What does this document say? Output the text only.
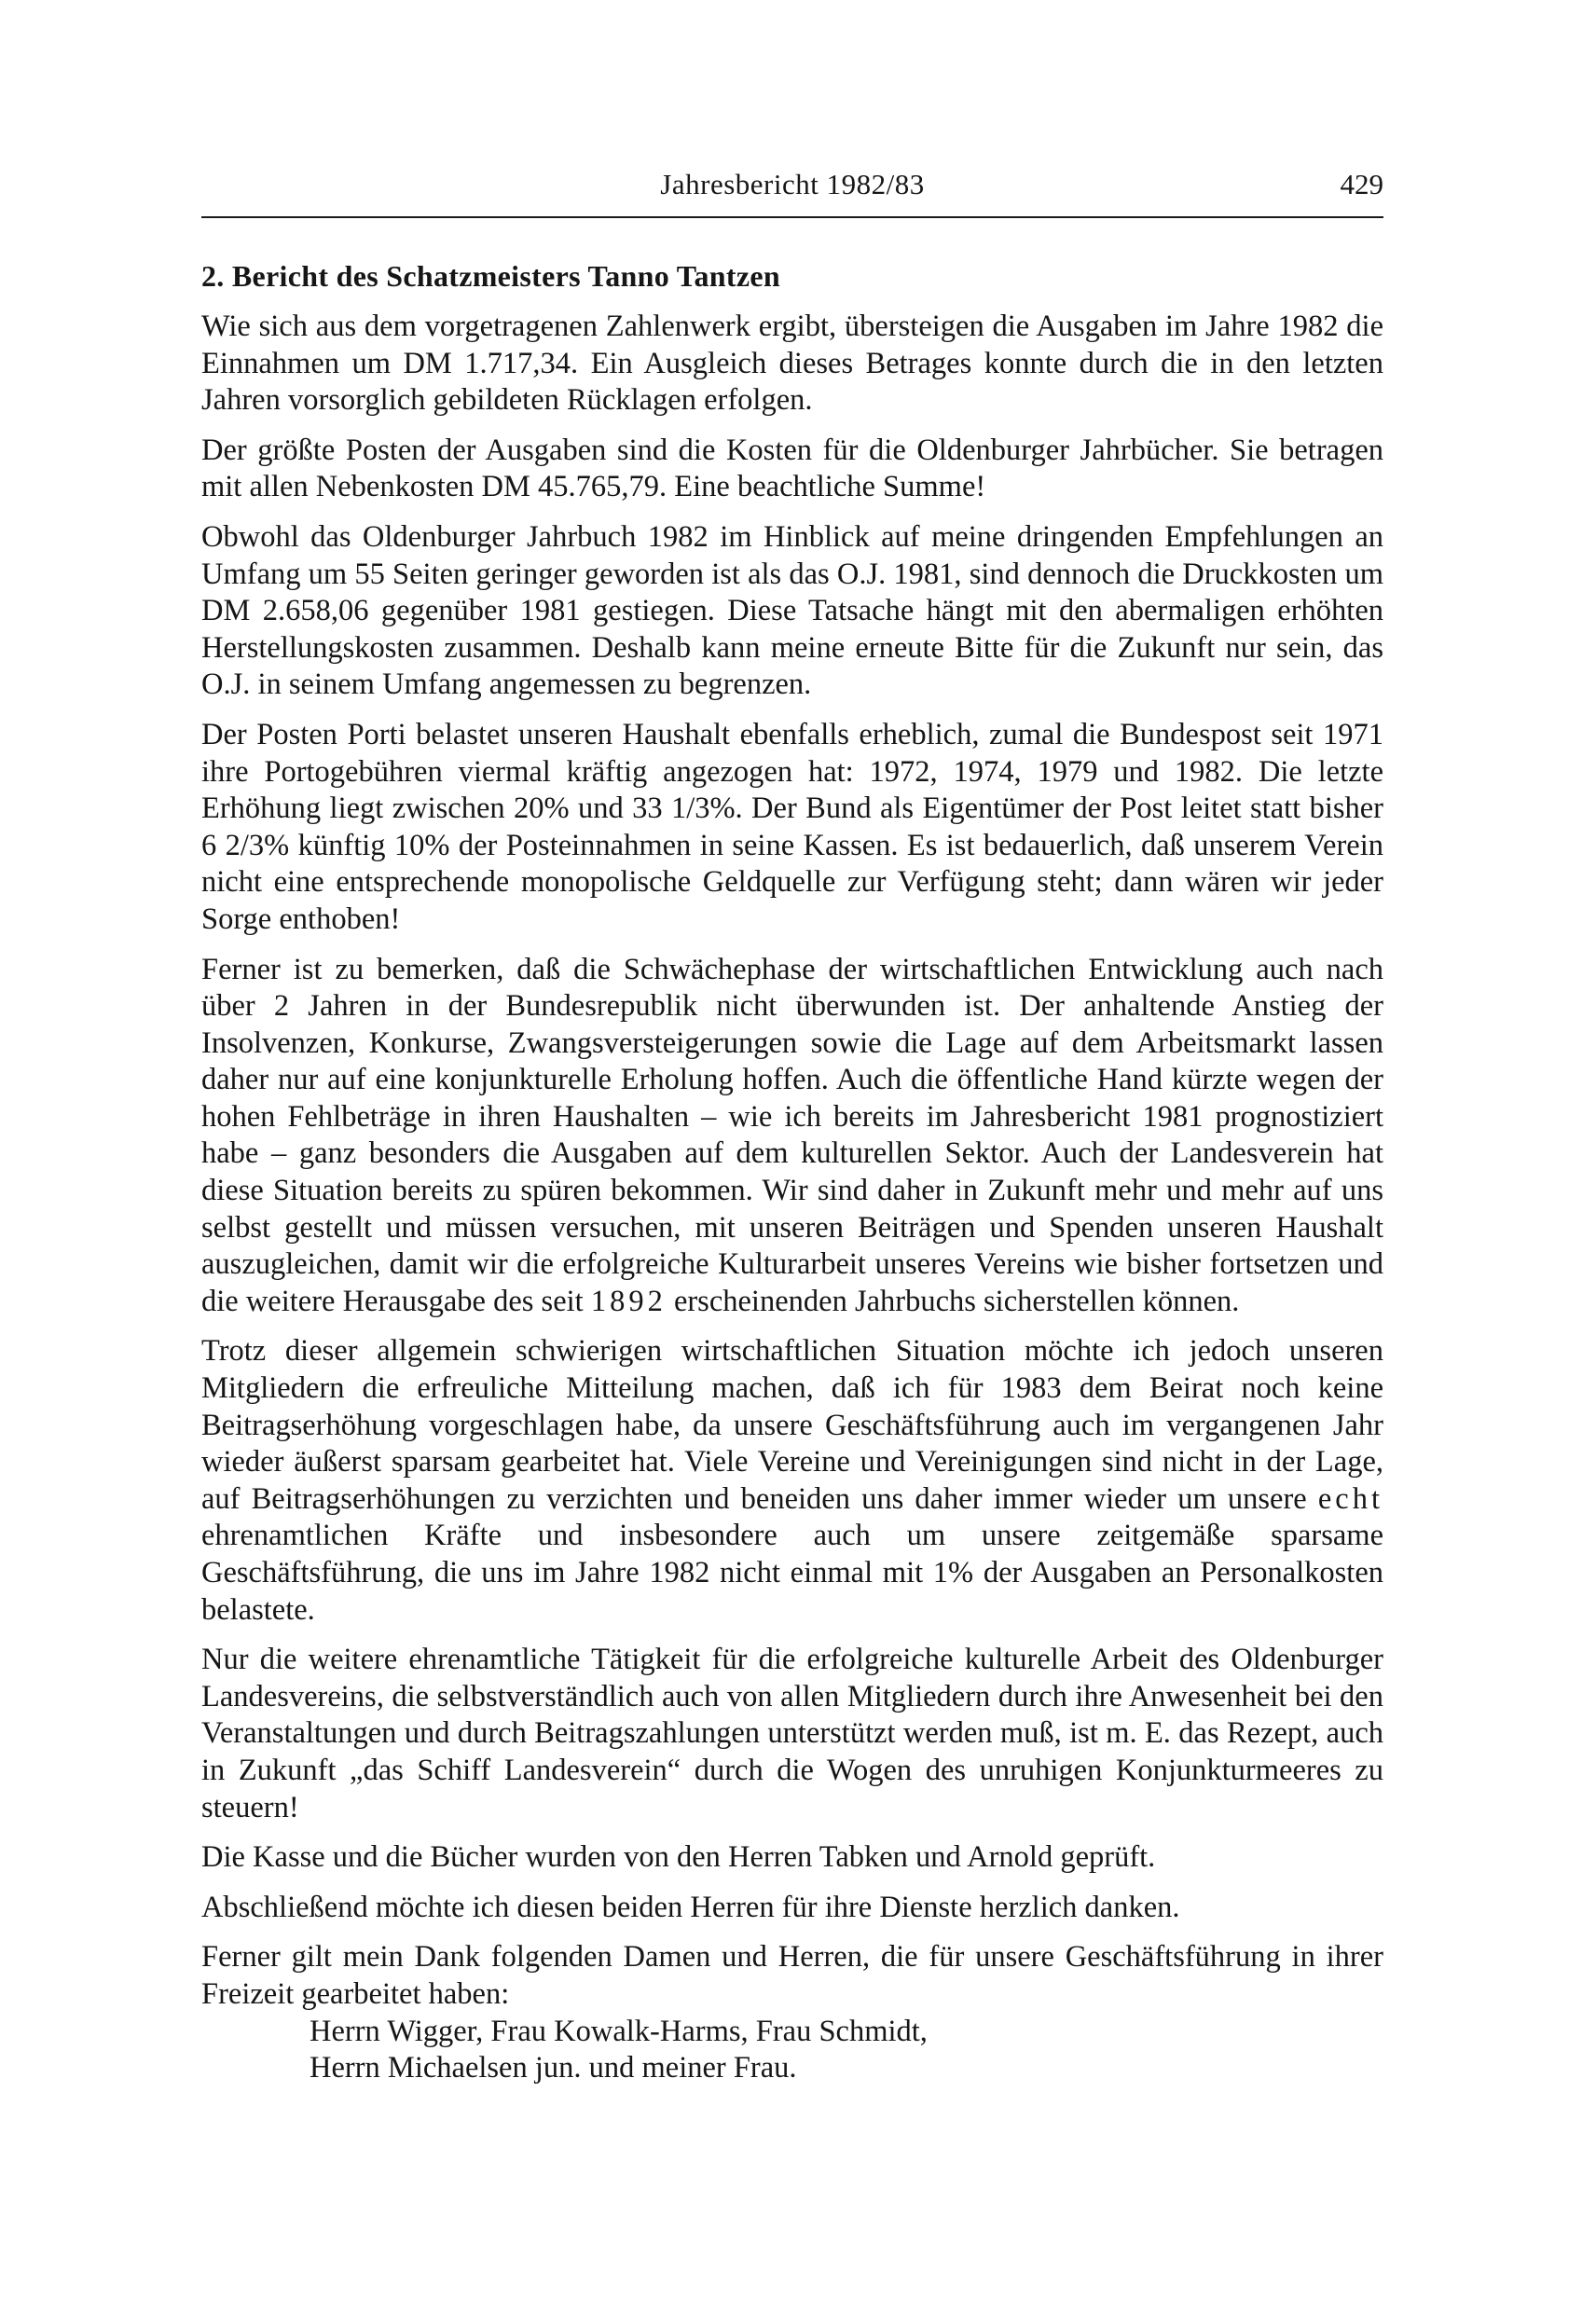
Jahresbericht 1982/83	429
2. Bericht des Schatzmeisters Tanno Tantzen

Wie sich aus dem vorgetragenen Zahlenwerk ergibt, übersteigen die Ausgaben im Jahre 1982 die Einnahmen um DM 1.717,34. Ein Ausgleich dieses Betrages konnte durch die in den letzten Jahren vorsorglich gebildeten Rücklagen erfolgen.

Der größte Posten der Ausgaben sind die Kosten für die Oldenburger Jahrbücher. Sie betragen mit allen Nebenkosten DM 45.765,79. Eine beachtliche Summe!

Obwohl das Oldenburger Jahrbuch 1982 im Hinblick auf meine dringenden Empfehlungen an Umfang um 55 Seiten geringer geworden ist als das O.J. 1981, sind dennoch die Druckkosten um DM 2.658,06 gegenüber 1981 gestiegen. Diese Tatsache hängt mit den abermaligen erhöhten Herstellungskosten zusammen. Deshalb kann meine erneute Bitte für die Zukunft nur sein, das O.J. in seinem Umfang angemessen zu begrenzen.

Der Posten Porti belastet unseren Haushalt ebenfalls erheblich, zumal die Bundespost seit 1971 ihre Portogebühren viermal kräftig angezogen hat: 1972, 1974, 1979 und 1982. Die letzte Erhöhung liegt zwischen 20% und 33 1/3%. Der Bund als Eigentümer der Post leitet statt bisher 6 2/3% künftig 10% der Posteinnahmen in seine Kassen. Es ist bedauerlich, daß unserem Verein nicht eine entsprechende monopolische Geldquelle zur Verfügung steht; dann wären wir jeder Sorge enthoben!

Ferner ist zu bemerken, daß die Schwächephase der wirtschaftlichen Entwicklung auch nach über 2 Jahren in der Bundesrepublik nicht überwunden ist. Der anhaltende Anstieg der Insolvenzen, Konkurse, Zwangsversteigerungen sowie die Lage auf dem Arbeitsmarkt lassen daher nur auf eine konjunkturelle Erholung hoffen. Auch die öffentliche Hand kürzte wegen der hohen Fehlbeträge in ihren Haushalten – wie ich bereits im Jahresbericht 1981 prognostiziert habe – ganz besonders die Ausgaben auf dem kulturellen Sektor. Auch der Landesverein hat diese Situation bereits zu spüren bekommen. Wir sind daher in Zukunft mehr und mehr auf uns selbst gestellt und müssen versuchen, mit unseren Beiträgen und Spenden unseren Haushalt auszugleichen, damit wir die erfolgreiche Kulturarbeit unseres Vereins wie bisher fortsetzen und die weitere Herausgabe des seit 1892 erscheinenden Jahrbuchs sicherstellen können.

Trotz dieser allgemein schwierigen wirtschaftlichen Situation möchte ich jedoch unseren Mitgliedern die erfreuliche Mitteilung machen, daß ich für 1983 dem Beirat noch keine Beitragserhöhung vorgeschlagen habe, da unsere Geschäftsführung auch im vergangenen Jahr wieder äußerst sparsam gearbeitet hat. Viele Vereine und Vereinigungen sind nicht in der Lage, auf Beitragserhöhungen zu verzichten und beneiden uns daher immer wieder um unsere echt ehrenamtlichen Kräfte und insbesondere auch um unsere zeitgemäße sparsame Geschäftsführung, die uns im Jahre 1982 nicht einmal mit 1% der Ausgaben an Personalkosten belastete.

Nur die weitere ehrenamtliche Tätigkeit für die erfolgreiche kulturelle Arbeit des Oldenburger Landesvereins, die selbstverständlich auch von allen Mitgliedern durch ihre Anwesenheit bei den Veranstaltungen und durch Beitragszahlungen unterstützt werden muß, ist m. E. das Rezept, auch in Zukunft „das Schiff Landesverein“ durch die Wogen des unruhigen Konjunkturmeeres zu steuern!

Die Kasse und die Bücher wurden von den Herren Tabken und Arnold geprüft.

Abschließend möchte ich diesen beiden Herren für ihre Dienste herzlich danken.

Ferner gilt mein Dank folgenden Damen und Herren, die für unsere Geschäftsführung in ihrer Freizeit gearbeitet haben:

Herrn Wigger, Frau Kowalk-Harms, Frau Schmidt,
Herrn Michaelsen jun. und meiner Frau.
